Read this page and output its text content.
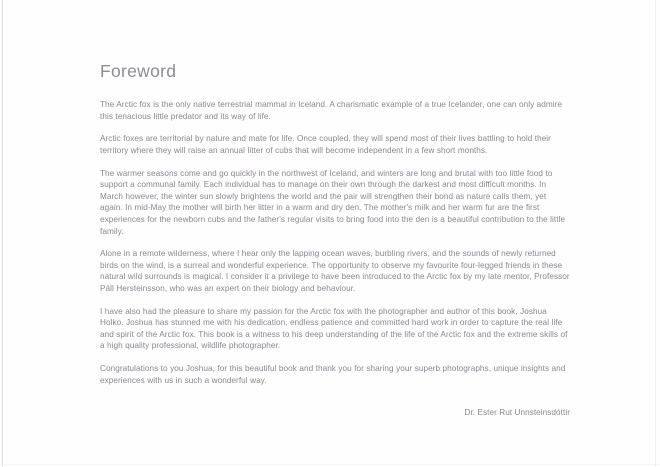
Foreword

The Arctic fox is the only native terrestrial mammal in Iceland. A charismatic example of a true Icelander, one can only admire this tenacious little predator and its way of life.

Arctic foxes are territorial by nature and mate for life. Once coupled, they will spend most of their lives battling to hold their territory where they will raise an annual litter of cubs that will become independent in a few short months.

The warmer seasons come and go quickly in the northwest of Iceland, and winters are long and brutal with too little food to support a communal family. Each individual has to manage on their own through the darkest and most difficult months. In March however, the winter sun slowly brightens the world and the pair will strengthen their bond as nature calls them, yet again. In mid-May the mother will birth her litter in a warm and dry den. The mother's milk and her warm fur are the first experiences for the newborn cubs and the father's regular visits to bring food into the den is a beautiful contribution to the little family.

Alone in a remote wilderness, where I hear only the lapping ocean waves, burbling rivers, and the sounds of newly returned birds on the wind, is a surreal and wonderful experience. The opportunity to observe my favourite four-legged friends in these natural wild surrounds is magical. I consider it a privilege to have been introduced to the Arctic fox by my late mentor, Professor Páll Hersteinsson, who was an expert on their biology and behaviour.

I have also had the pleasure to share my passion for the Arctic fox with the photographer and author of this book, Joshua Holko. Joshua has stunned me with his dedication, endless patience and committed hard work in order to capture the real life and spirit of the Arctic fox. This book is a witness to his deep understanding of the life of the Arctic fox and the extreme skills of a high quality professional, wildlife photographer.

Congratulations to you Joshua, for this beautiful book and thank you for sharing your superb photographs, unique insights and experiences with us in such a wonderful way.

Dr. Ester Rut Unnsteinsdóttir
